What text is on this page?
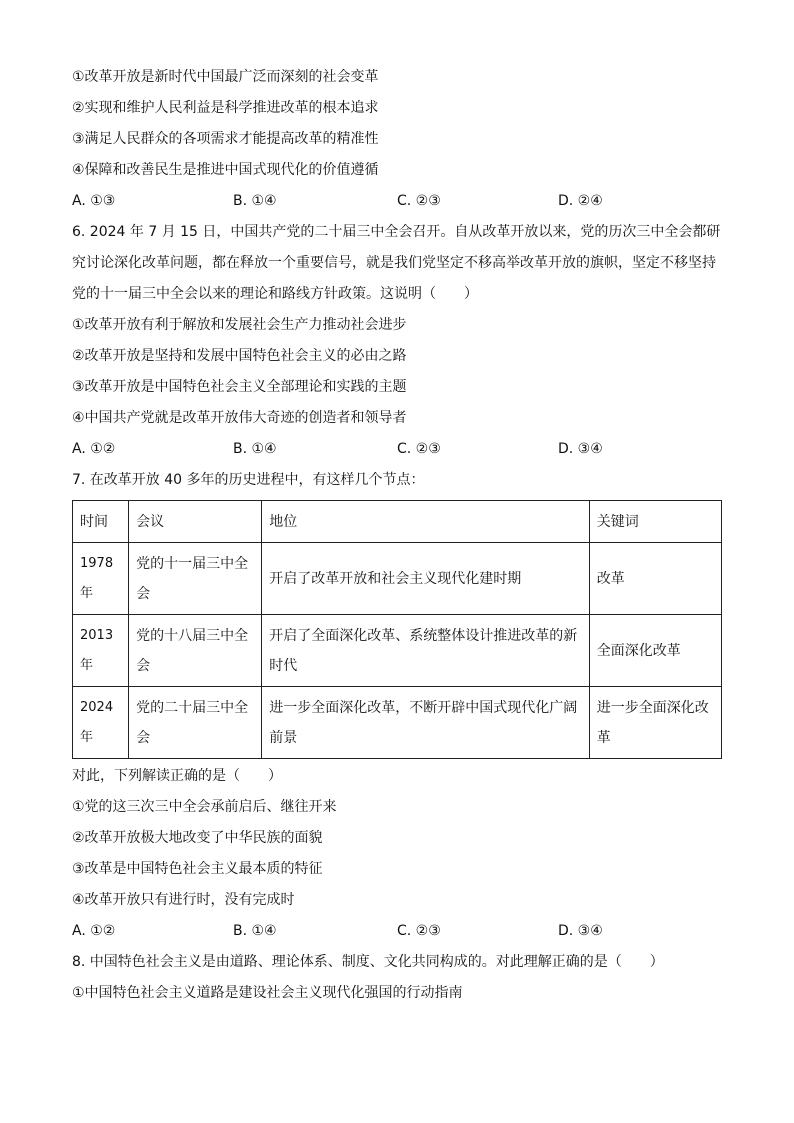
①改革开放是新时代中国最广泛而深刻的社会变革
②实现和维护人民利益是科学推进改革的根本追求
③满足人民群众的各项需求才能提高改革的精准性
④保障和改善民生是推进中国式现代化的价值遵循
A. ①③	B. ①④	C. ②③	D. ②④
6. 2024 年 7 月 15 日，中国共产党的二十届三中全会召开。自从改革开放以来，党的历次三中全会都研究讨论深化改革问题，都在释放一个重要信号，就是我们党坚定不移高举改革开放的旗帜，坚定不移坚持党的十一届三中全会以来的理论和路线方针政策。这说明（　　）
①改革开放有利于解放和发展社会生产力推动社会进步
②改革开放是坚持和发展中国特色社会主义的必由之路
③改革开放是中国特色社会主义全部理论和实践的主题
④中国共产党就是改革开放伟大奇迹的创造者和领导者
A. ①②	B. ①④	C. ②③	D. ③④
7. 在改革开放 40 多年的历史进程中，有这样几个节点：
时间	会议	地位	关键词
1978 年	党的十一届三中全会	开启了改革开放和社会主义现代化建时期	改革
2013 年	党的十八届三中全会	开启了全面深化改革、系统整体设计推进改革的新时代	全面深化改革
2024 年	党的二十届三中全会	进一步全面深化改革，不断开辟中国式现代化广阔前景	进一步全面深化改革
对此，下列解读正确的是（　　）
①党的这三次三中全会承前启后、继往开来
②改革开放极大地改变了中华民族的面貌
③改革是中国特色社会主义最本质的特征
④改革开放只有进行时，没有完成时
A. ①②	B. ①④	C. ②③	D. ③④
8. 中国特色社会主义是由道路、理论体系、制度、文化共同构成的。对此理解正确的是（　　）
①中国特色社会主义道路是建设社会主义现代化强国的行动指南
